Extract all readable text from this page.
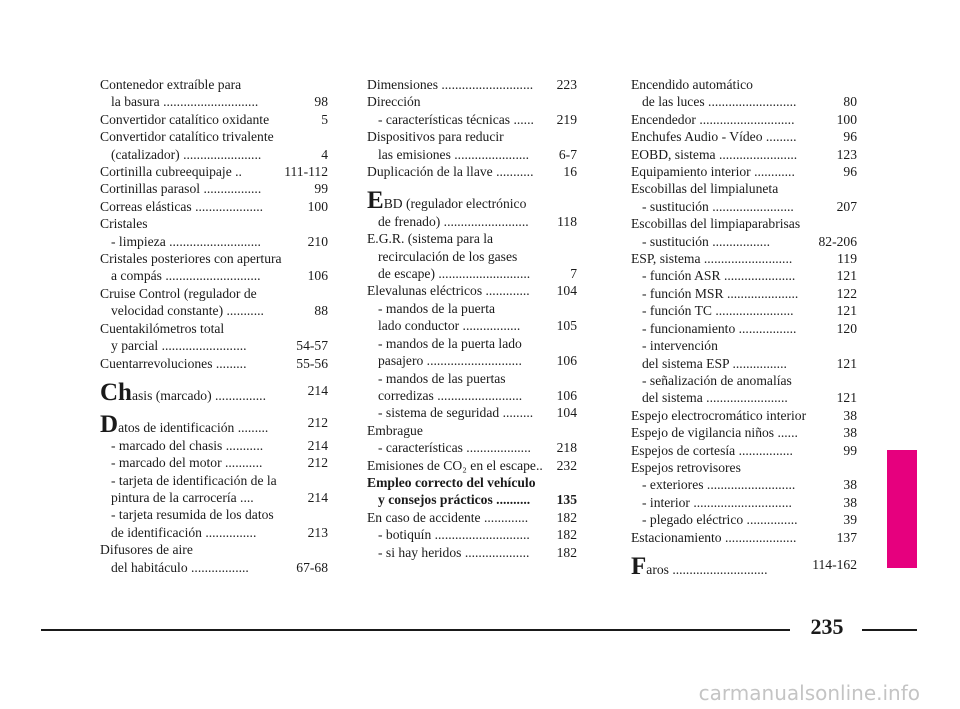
Contenedor extraíble para
la basura ............................	98
Convertidor catalítico oxidante	5
Convertidor catalítico trivalente
(catalizador) .......................	4
Cortinilla cubreequipaje ..	111-112
Cortinillas parasol .................	99
Correas elásticas ....................	100
Cristales
- limpieza ...........................	210
Cristales posteriores con apertura
a compás ............................	106
Cruise Control (regulador de
velocidad constante) ...........	88
Cuentakilómetros total
y parcial .........................	54-57
Cuentarrevoluciones .........	55-56
Chasis (marcado) ...............	214
Datos de identificación .........	212
- marcado del chasis ...........	214
- marcado del motor ...........	212
- tarjeta de identificación de la
pintura de la carrocería ....	214
- tarjeta resumida de los datos
de identificación ...............	213
Difusores de aire
del habitáculo .................	67-68
Dimensiones ........................... 223
Dirección
- características técnicas ...... 219
Dispositivos para reducir
las emisiones ...................... 6-7
Duplicación de la llave ........... 16
EBD (regulador electrónico
de frenado) ......................... 118
E.G.R. (sistema para la
recirculación de los gases
de escape) ...........................	7
Elevalunas eléctricos ............. 104
- mandos de la puerta
lado conductor .................	105
- mandos de la puerta lado
pasajero ............................	106
- mandos de las puertas
corredizas .........................	106
- sistema de seguridad ......... 104
Embrague
- características ................... 218
Emisiones de CO₂ en el escape.. 232
Empleo correcto del vehículo
y consejos prácticos .......... 135
En caso de accidente ............. 182
- botiquín ............................ 182
- si hay heridos ................... 182
Encendido automático
de las luces ..........................	80
Encendedor ............................	100
Enchufes Audio - Vídeo .........	96
EOBD, sistema .......................	123
Equipamiento interior ............	96
Escobillas del limpialuneta
- sustitución ........................	207
Escobillas del limpiaparabrisas
- sustitución .................	82-206
ESP, sistema ..........................	119
- función ASR .....................	121
- función MSR .....................	122
- función TC .......................	121
- funcionamiento .................	120
- intervención
del sistema ESP ................	121
- señalización de anomalías
del sistema ........................	121
Espejo electrocromático interior	38
Espejo de vigilancia niños ......	38
Espejos de cortesía ................	99
Espejos retrovisores
- exteriores ..........................	38
- interior .............................	38
- plegado eléctrico ...............	39
Estacionamiento .....................	137
Faros ............................	114-162
235
carmanualsonline.info
